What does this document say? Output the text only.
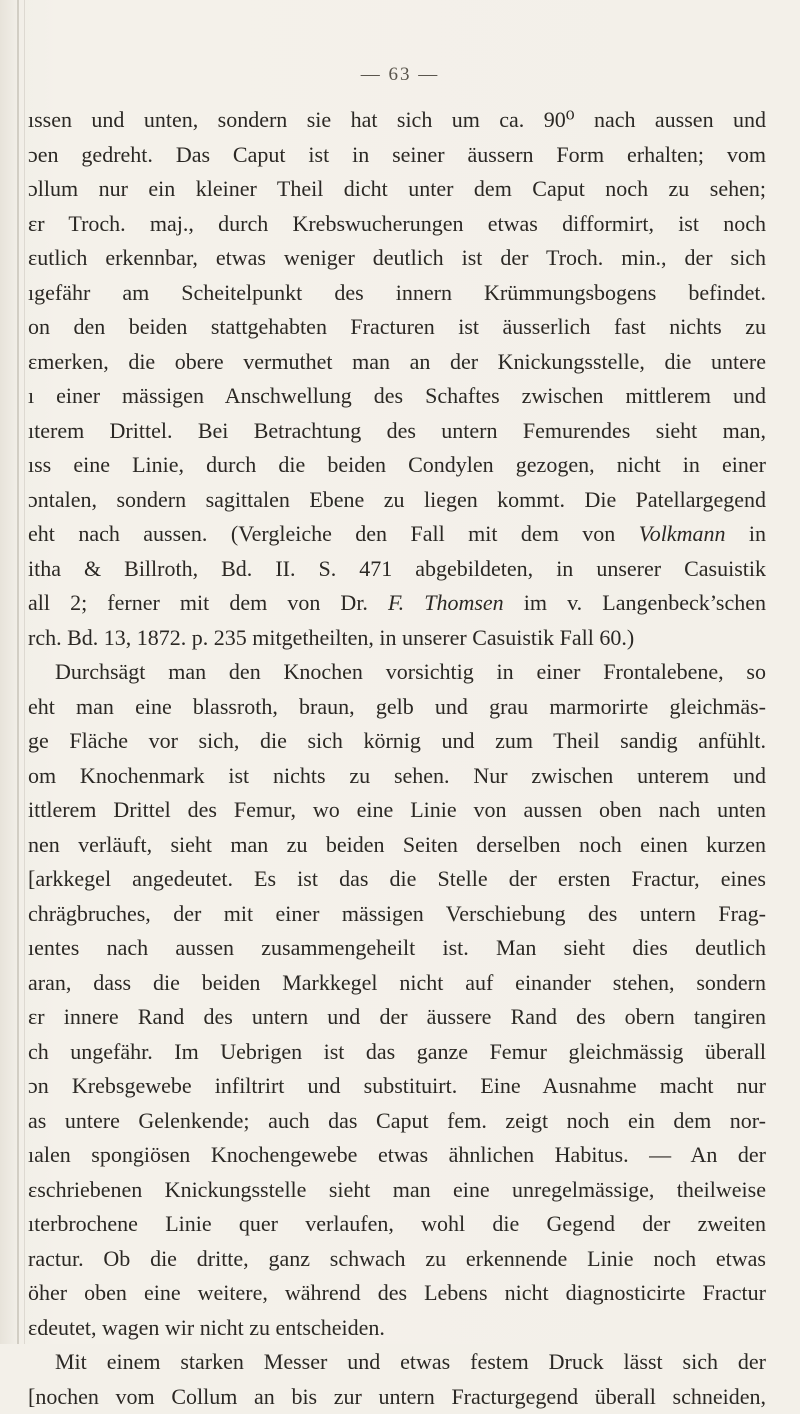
— 63 —
ıssen und unten, sondern sie hat sich um ca. 90⁰ nach aussen und
ɔen gedreht. Das Caput ist in seiner äussern Form erhalten; vom
ɔllum nur ein kleiner Theil dicht unter dem Caput noch zu sehen;
ɛr Troch. maj., durch Krebswucherungen etwas difformirt, ist noch
ɛutlich erkennbar, etwas weniger deutlich ist der Troch. min., der sich
ıgefähr am Scheitelpunkt des innern Krümmungsbogens befindet.
on den beiden stattgehabten Fracturen ist äusserlich fast nichts zu
ɛmerken, die obere vermuthet man an der Knickungsstelle, die untere
ı einer mässigen Anschwellung des Schaftes zwischen mittlerem und
ıterem Drittel. Bei Betrachtung des untern Femurendes sieht man,
ıss eine Linie, durch die beiden Condylen gezogen, nicht in einer
ɔntalen, sondern sagittalen Ebene zu liegen kommt. Die Patellargegend
eht nach aussen. (Vergleiche den Fall mit dem von Volkmann in
itha & Billroth, Bd. II. S. 471 abgebildeten, in unserer Casuistik
all 2; ferner mit dem von Dr. F. Thomsen im v. Langenbeck’schen
rch. Bd. 13, 1872. p. 235 mitgetheilten, in unserer Casuistik Fall 60.)
Durchsägt man den Knochen vorsichtig in einer Frontalebene, so
eht man eine blassroth, braun, gelb und grau marmorirte gleichmäs-
ge Fläche vor sich, die sich körnig und zum Theil sandig anfühlt.
om Knochenmark ist nichts zu sehen. Nur zwischen unterem und
ittlerem Drittel des Femur, wo eine Linie von aussen oben nach unten
nen verläuft, sieht man zu beiden Seiten derselben noch einen kurzen
[arkkegel angedeutet. Es ist das die Stelle der ersten Fractur, eines
chrägbruches, der mit einer mässigen Verschiebung des untern Frag-
ıentes nach aussen zusammengeheilt ist. Man sieht dies deutlich
aran, dass die beiden Markkegel nicht auf einander stehen, sondern
ɛr innere Rand des untern und der äussere Rand des obern tangiren
ch ungefähr. Im Uebrigen ist das ganze Femur gleichmässig überall
ɔn Krebsgewebe infiltrirt und substituirt. Eine Ausnahme macht nur
as untere Gelenkende; auch das Caput fem. zeigt noch ein dem nor-
ıalen spongiösen Knochengewebe etwas ähnlichen Habitus. — An der
ɛschriebenen Knickungsstelle sieht man eine unregelmässige, theilweise
ıterbrochene Linie quer verlaufen, wohl die Gegend der zweiten
ractur. Ob die dritte, ganz schwach zu erkennende Linie noch etwas
öher oben eine weitere, während des Lebens nicht diagnosticirte Fractur
ɛdeutet, wagen wir nicht zu entscheiden.
Mit einem starken Messer und etwas festem Druck lässt sich der
[nochen vom Collum an bis zur untern Fracturgegend überall schneiden,
